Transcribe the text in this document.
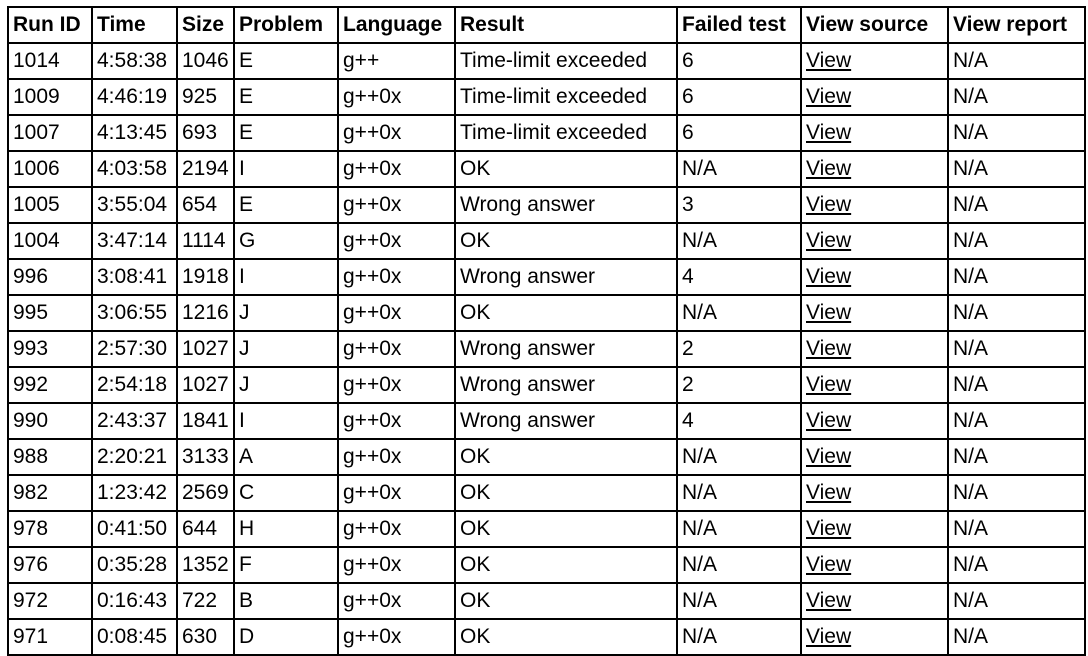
Run ID	Time	Size	Problem	Language	Result	Failed test	View source	View report
1014	4:58:38	1046	E	g++	Time-limit exceeded	6	View	N/A
1009	4:46:19	925	E	g++0x	Time-limit exceeded	6	View	N/A
1007	4:13:45	693	E	g++0x	Time-limit exceeded	6	View	N/A
1006	4:03:58	2194	I	g++0x	OK	N/A	View	N/A
1005	3:55:04	654	E	g++0x	Wrong answer	3	View	N/A
1004	3:47:14	1114	G	g++0x	OK	N/A	View	N/A
996	3:08:41	1918	I	g++0x	Wrong answer	4	View	N/A
995	3:06:55	1216	J	g++0x	OK	N/A	View	N/A
993	2:57:30	1027	J	g++0x	Wrong answer	2	View	N/A
992	2:54:18	1027	J	g++0x	Wrong answer	2	View	N/A
990	2:43:37	1841	I	g++0x	Wrong answer	4	View	N/A
988	2:20:21	3133	A	g++0x	OK	N/A	View	N/A
982	1:23:42	2569	C	g++0x	OK	N/A	View	N/A
978	0:41:50	644	H	g++0x	OK	N/A	View	N/A
976	0:35:28	1352	F	g++0x	OK	N/A	View	N/A
972	0:16:43	722	B	g++0x	OK	N/A	View	N/A
971	0:08:45	630	D	g++0x	OK	N/A	View	N/A
